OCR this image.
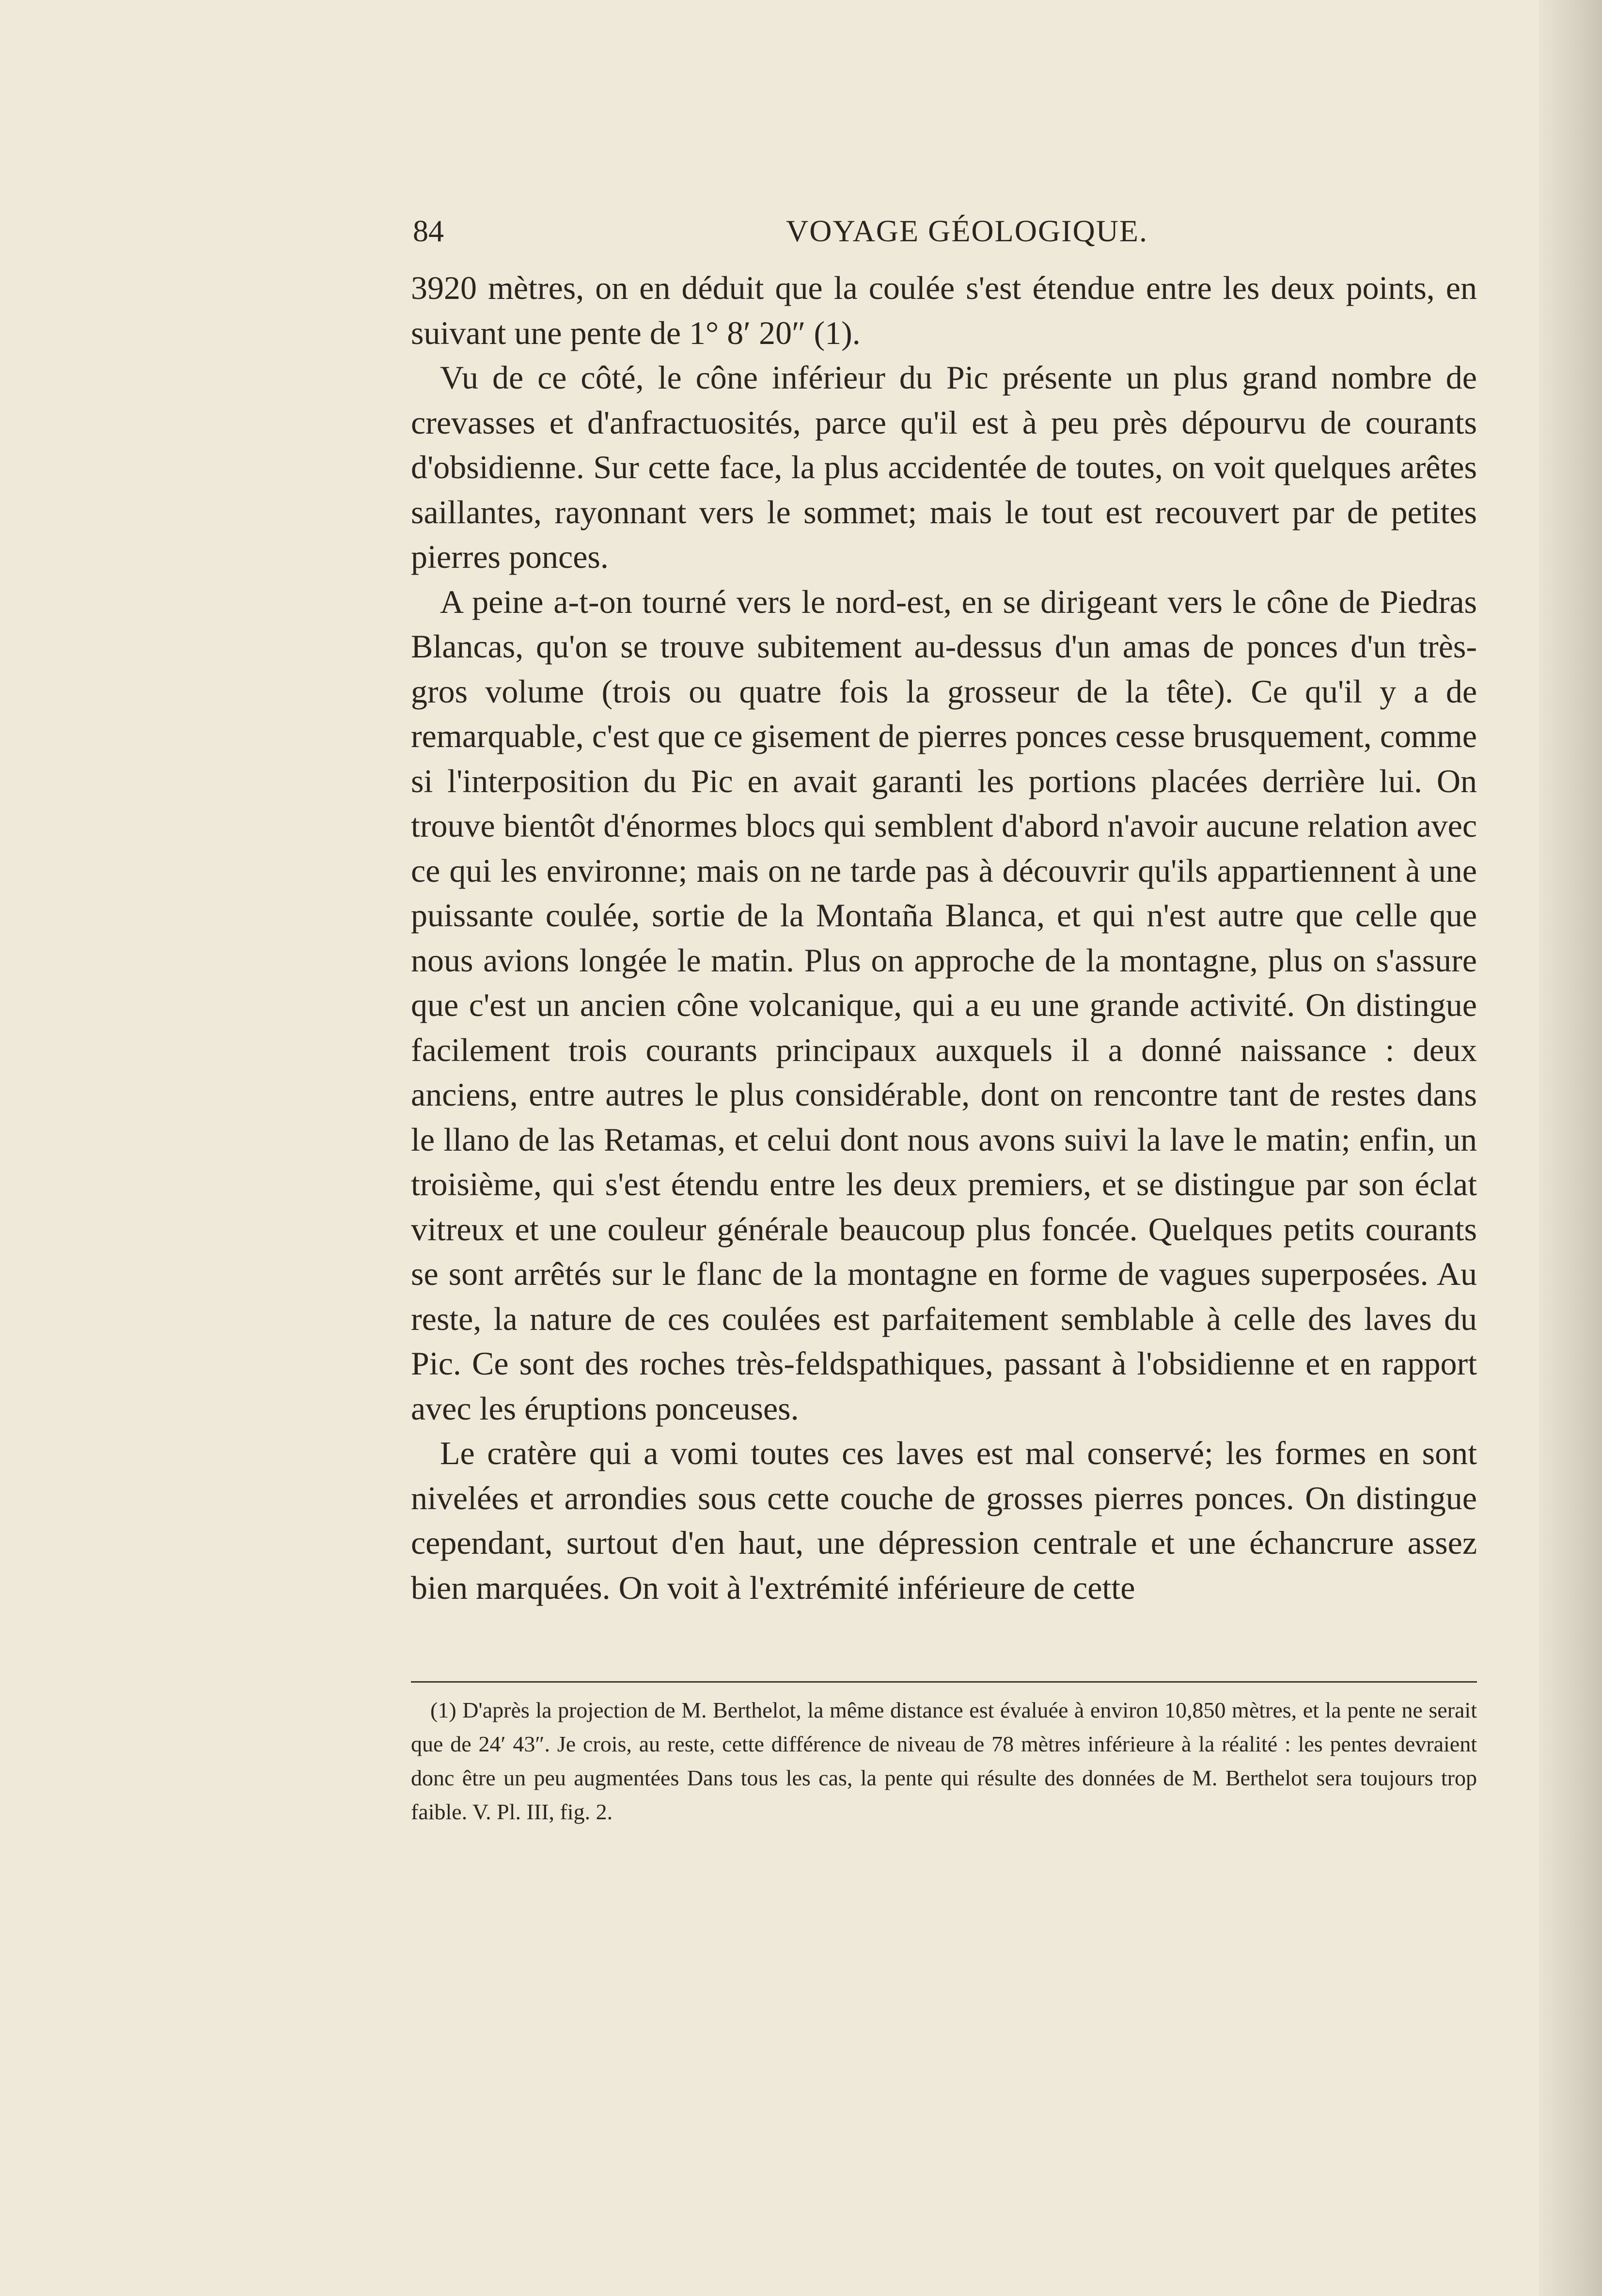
84	VOYAGE GÉOLOGIQUE.

3920 mètres, on en déduit que la coulée s'est étendue entre les deux points, en suivant une pente de 1° 8′ 20″ (1).

Vu de ce côté, le cône inférieur du Pic présente un plus grand nombre de crevasses et d'anfractuosités, parce qu'il est à peu près dépourvu de courants d'obsidienne. Sur cette face, la plus accidentée de toutes, on voit quelques arêtes saillantes, rayonnant vers le sommet; mais le tout est recouvert par de petites pierres ponces.

A peine a-t-on tourné vers le nord-est, en se dirigeant vers le cône de Piedras Blancas, qu'on se trouve subitement au-dessus d'un amas de ponces d'un très-gros volume (trois ou quatre fois la grosseur de la tête). Ce qu'il y a de remarquable, c'est que ce gisement de pierres ponces cesse brusquement, comme si l'interposition du Pic en avait garanti les portions placées derrière lui. On trouve bientôt d'énormes blocs qui semblent d'abord n'avoir aucune relation avec ce qui les environne; mais on ne tarde pas à découvrir qu'ils appartiennent à une puissante coulée, sortie de la Montaña Blanca, et qui n'est autre que celle que nous avions longée le matin. Plus on approche de la montagne, plus on s'assure que c'est un ancien cône volcanique, qui a eu une grande activité. On distingue facilement trois courants principaux auxquels il a donné naissance : deux anciens, entre autres le plus considérable, dont on rencontre tant de restes dans le llano de las Retamas, et celui dont nous avons suivi la lave le matin; enfin, un troisième, qui s'est étendu entre les deux premiers, et se distingue par son éclat vitreux et une couleur générale beaucoup plus foncée. Quelques petits courants se sont arrêtés sur le flanc de la montagne en forme de vagues superposées. Au reste, la nature de ces coulées est parfaitement semblable à celle des laves du Pic. Ce sont des roches très-feldspathiques, passant à l'obsidienne et en rapport avec les éruptions ponceuses.

Le cratère qui a vomi toutes ces laves est mal conservé; les formes en sont nivelées et arrondies sous cette couche de grosses pierres ponces. On distingue cependant, surtout d'en haut, une dépression centrale et une échancrure assez bien marquées. On voit à l'extrémité inférieure de cette

(1) D'après la projection de M. Berthelot, la même distance est évaluée à environ 10,850 mètres, et la pente ne serait que de 24′ 43″. Je crois, au reste, cette différence de niveau de 78 mètres inférieure à la réalité : les pentes devraient donc être un peu augmentées Dans tous les cas, la pente qui résulte des données de M. Berthelot sera toujours trop faible. V. Pl. III, fig. 2.
